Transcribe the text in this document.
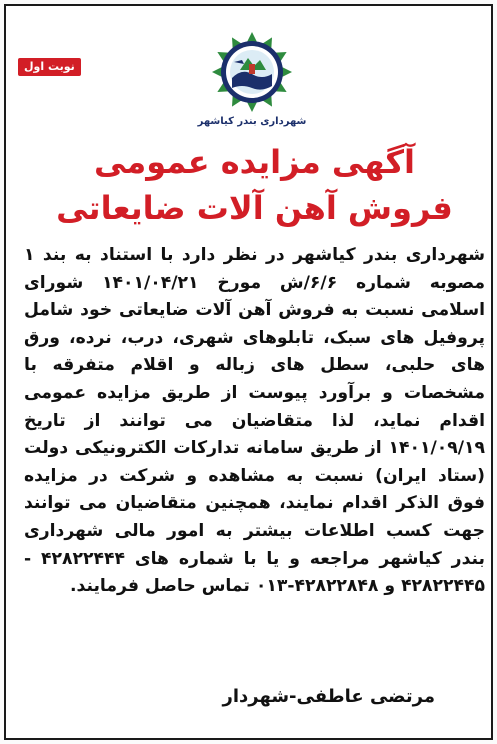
نوبت اول
شهرداری بندر کیاشهر
آگهی مزایده عمومی
فروش آهن آلات ضایعاتی
شهرداری بندر کیاشهر در نظر دارد با استناد به بند ۱ مصوبه شماره ۶/۶/ش مورخ ۱۴۰۱/۰۴/۲۱ شورای اسلامی نسبت به فروش آهن آلات ضایعاتی خود شامل پروفیل های سبک، تابلوهای شهری، درب، نرده، ورق های حلبی، سطل های زباله و اقلام متفرقه با مشخصات و برآورد پیوست از طریق مزایده عمومی اقدام نماید، لذا متقاضیان می توانند از تاریخ ۱۴۰۱/۰۹/۱۹ از طریق سامانه تدارکات الکترونیکی دولت (ستاد ایران) نسبت به مشاهده و شرکت در مزایده فوق الذکر اقدام نمایند، همچنین متقاضیان می توانند جهت کسب اطلاعات بیشتر به امور مالی شهرداری بندر کیاشهر مراجعه و یا با شماره های ۴۲۸۲۲۴۴۴ - ۴۲۸۲۲۴۴۵ و ۴۲۸۲۲۸۴۸-۰۱۳ تماس حاصل فرمایند.
مرتضی عاطفی-شهردار
